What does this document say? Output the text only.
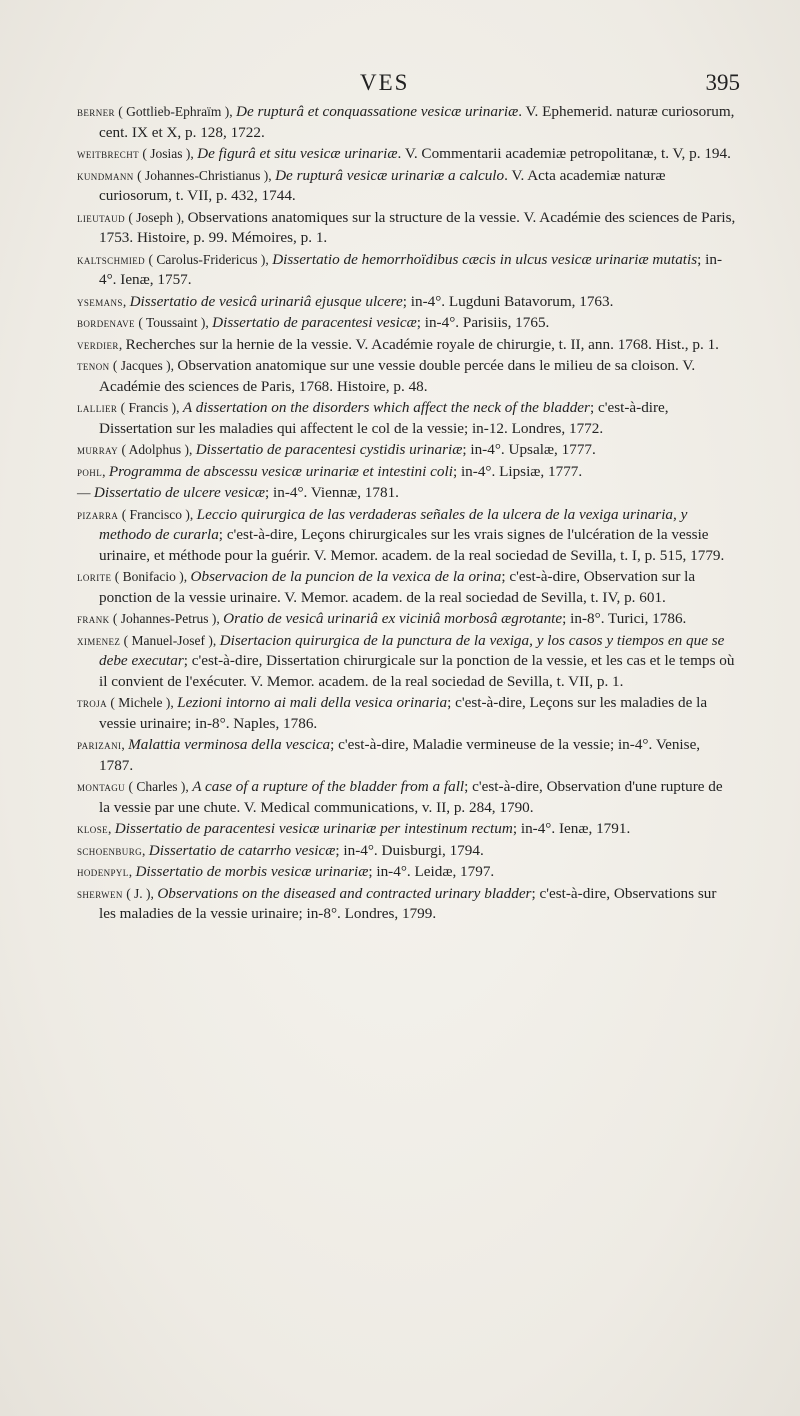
VES	395

berner ( Gottlieb-Ephraïm ), De rupturâ et conquassatione vesicæ urinariæ. V. Ephemerid. naturæ curiosorum, cent. IX et X, p. 128, 1722.

weitbrecht ( Josias ), De figurâ et situ vesicæ urinariæ. V. Commentarii academiæ petropolitanæ, t. V, p. 194.

kundmann ( Johannes-Christianus ), De rupturâ vesicæ urinariæ a calculo. V. Acta academiæ naturæ curiosorum, t. VII, p. 432, 1744.

lieutaud ( Joseph ), Observations anatomiques sur la structure de la vessie. V. Académie des sciences de Paris, 1753. Histoire, p. 99. Mémoires, p. 1.

kaltschmied ( Carolus-Fridericus ), Dissertatio de hemorrhoïdibus cæcis in ulcus vesicæ urinariæ mutatis; in-4°. Ienæ, 1757.

ysemans, Dissertatio de vesicâ urinariâ ejusque ulcere; in-4°. Lugduni Batavorum, 1763.

bordenave ( Toussaint ), Dissertatio de paracentesi vesicæ; in-4°. Parisiis, 1765.

verdier, Recherches sur la hernie de la vessie. V. Académie royale de chirurgie, t. II, ann. 1768. Hist., p. 1.

tenon ( Jacques ), Observation anatomique sur une vessie double percée dans le milieu de sa cloison. V. Académie des sciences de Paris, 1768. Histoire, p. 48.

lallier ( Francis ), A dissertation on the disorders which affect the neck of the bladder; c'est-à-dire, Dissertation sur les maladies qui affectent le col de la vessie; in-12. Londres, 1772.

murray ( Adolphus ), Dissertatio de paracentesi cystidis urinariæ; in-4°. Upsalæ, 1777.

pohl, Programma de abscessu vesicæ urinariæ et intestini coli; in-4°. Lipsiæ, 1777.

— Dissertatio de ulcere vesicæ; in-4°. Viennæ, 1781.

pizarra ( Francisco ), Leccio quirurgica de las verdaderas señales de la ulcera de la vexiga urinaria, y methodo de curarla; c'est-à-dire, Leçons chirurgicales sur les vrais signes de l'ulcération de la vessie urinaire, et méthode pour la guérir. V. Memor. academ. de la real sociedad de Sevilla, t. I, p. 515, 1779.

lorite ( Bonifacio ), Observacion de la puncion de la vexica de la orina; c'est-à-dire, Observation sur la ponction de la vessie urinaire. V. Memor. academ. de la real sociedad de Sevilla, t. IV, p. 601.

frank ( Johannes-Petrus ), Oratio de vesicâ urinariâ ex viciniâ morbosâ ægrotante; in-8°. Turici, 1786.

ximenez ( Manuel-Josef ), Disertacion quirurgica de la punctura de la vexiga, y los casos y tiempos en que se debe executar; c'est-à-dire, Dissertation chirurgicale sur la ponction de la vessie, et les cas et le temps où il convient de l'exécuter. V. Memor. academ. de la real sociedad de Sevilla, t. VII, p. 1.

troja ( Michele ), Lezioni intorno ai mali della vesica orinaria; c'est-à-dire, Leçons sur les maladies de la vessie urinaire; in-8°. Naples, 1786.

parizani, Malattia verminosa della vescica; c'est-à-dire, Maladie vermineuse de la vessie; in-4°. Venise, 1787.

montagu ( Charles ), A case of a rupture of the bladder from a fall; c'est-à-dire, Observation d'une rupture de la vessie par une chute. V. Medical communications, v. II, p. 284, 1790.

klose, Dissertatio de paracentesi vesicæ urinariæ per intestinum rectum; in-4°. Ienæ, 1791.

schoenburg, Dissertatio de catarrho vesicæ; in-4°. Duisburgi, 1794.

hodenpyl, Dissertatio de morbis vesicæ urinariæ; in-4°. Leidæ, 1797.

sherwen ( J. ), Observations on the diseased and contracted urinary bladder; c'est-à-dire, Observations sur les maladies de la vessie urinaire; in-8°. Londres, 1799.
